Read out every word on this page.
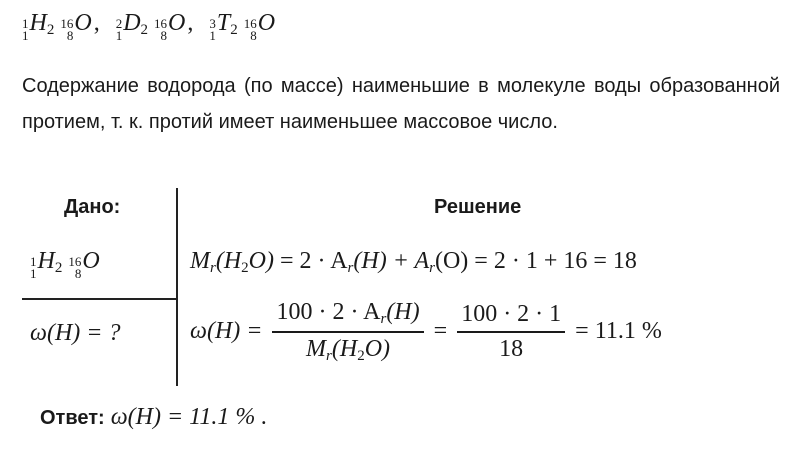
1
1 $H_2$ 16
8 O, 2
1 $D_2$ 16
8 O, 3
1 $T_2$ 16
8 O

Содержание водорода (по массе) наименьшие в молекуле воды образованной протием, т. к. протий имеет наименьшее массовое число.

Дано:	Решение
1
1 $H_2$ 16
8 O
ω(H) = ?
$M_r(H_2O) = 2 \cdot A_r(H) + A_r(O) = 2 \cdot 1 + 16 = 18$
$\omega(H) = \frac{100 \cdot 2 \cdot A_r(H)}{M_r(H_2O)} = \frac{100 \cdot 2 \cdot 1}{18} = 11.1$ %
Ответ: ω(H) = 11.1 % .
